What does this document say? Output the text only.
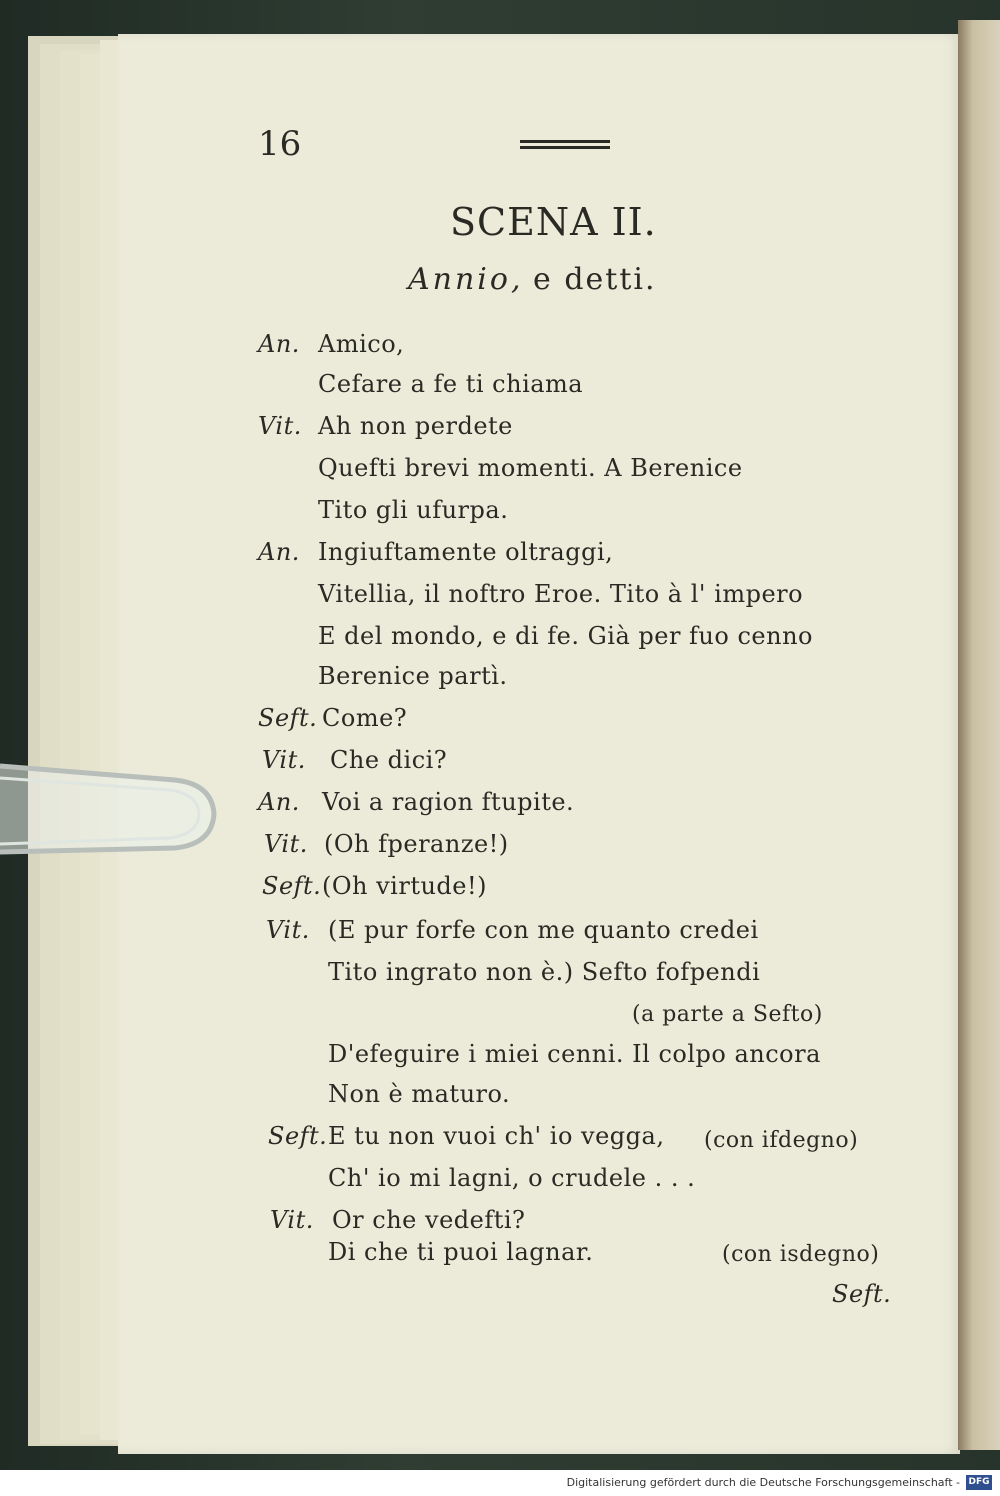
16
SCENA II.
Annio, e detti.
An. Amico,
Cefare a fe ti chiama
Vit. Ah non perdete
Quefti brevi momenti. A Berenice
Tito gli ufurpa.
An. Ingiuftamente oltraggi,
Vitellia, il noftro Eroe. Tito à l' impero
E del mondo, e di fe. Già per fuo cenno
Berenice partì.
Seft. Come?
Vit. Che dici?
An. Voi a ragion ftupite.
Vit. (Oh fperanze!)
Seft. (Oh virtude!)
Vit. (E pur forfe con me quanto credei
Tito ingrato non è.) Sefto fofpendi
(a parte a Sefto)
D'efeguire i miei cenni. Il colpo ancora
Non è maturo.
Seft. E tu non vuoi ch' io vegga, (con ifdegno)
Ch' io mi lagni, o crudele . . .
Vit. Or che vedefti?
Di che ti puoi lagnar.	(con isdegno)
Seft.
Digitalisierung gefördert durch die Deutsche Forschungsgemeinschaft - DFG
